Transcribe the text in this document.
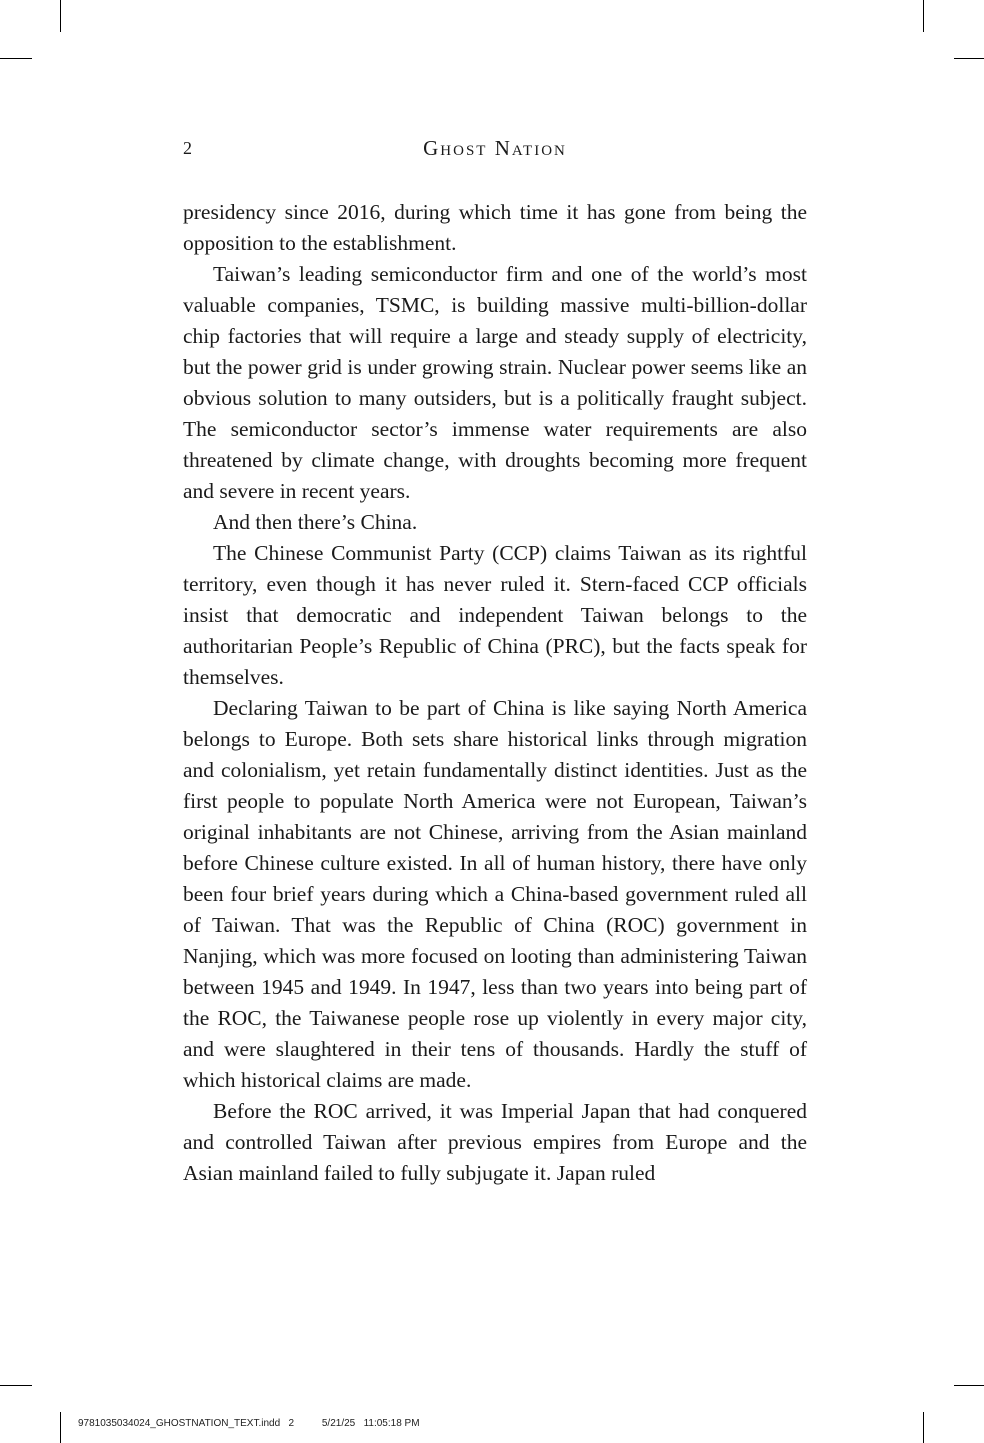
2	Ghost Nation

presidency since 2016, during which time it has gone from being the opposition to the establishment.

Taiwan’s leading semiconductor firm and one of the world’s most valuable companies, TSMC, is building massive multi-billion-dollar chip factories that will require a large and steady supply of electricity, but the power grid is under growing strain. Nuclear power seems like an obvious solution to many outsiders, but is a politically fraught subject. The semiconductor sector’s immense water requirements are also threatened by climate change, with droughts becoming more frequent and severe in recent years.

And then there’s China.

The Chinese Communist Party (CCP) claims Taiwan as its rightful territory, even though it has never ruled it. Stern-faced CCP officials insist that democratic and independent Taiwan belongs to the authoritarian People’s Republic of China (PRC), but the facts speak for themselves.

Declaring Taiwan to be part of China is like saying North America belongs to Europe. Both sets share historical links through migration and colonialism, yet retain fundamentally distinct identities. Just as the first people to populate North America were not European, Taiwan’s original inhabitants are not Chinese, arriving from the Asian mainland before Chinese culture existed. In all of human history, there have only been four brief years during which a China-based government ruled all of Taiwan. That was the Republic of China (ROC) government in Nanjing, which was more focused on looting than administering Taiwan between 1945 and 1949. In 1947, less than two years into being part of the ROC, the Taiwanese people rose up violently in every major city, and were slaughtered in their tens of thousands. Hardly the stuff of which historical claims are made.

Before the ROC arrived, it was Imperial Japan that had conquered and controlled Taiwan after previous empires from Europe and the Asian mainland failed to fully subjugate it. Japan ruled

9781035034024_GHOSTNATION_TEXT.indd 2	5/21/25 11:05:18 PM
